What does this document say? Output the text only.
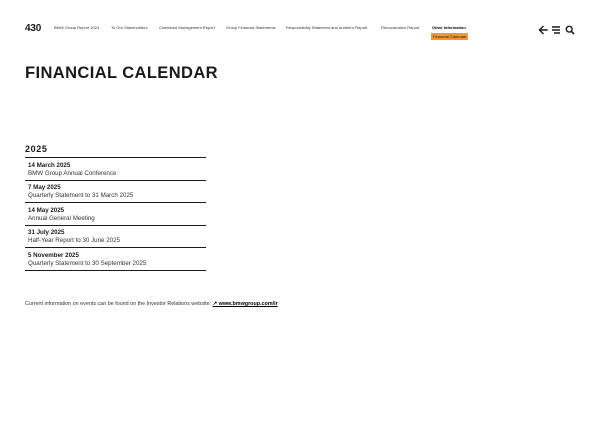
430	BMW Group Report 2024	To Our Stakeholders	Combined Management Report	Group Financial Statements	Responsibility Statement and Auditor's Report	Remuneration Report	Other Information
Financial Calendar
FINANCIAL CALENDAR
2025
14 March 2025
BMW Group Annual Conference
7 May 2025
Quarterly Statement to 31 March 2025
14 May 2025
Annual General Meeting
31 July 2025
Half-Year Report to 30 June 2025
5 November 2025
Quarterly Statement to 30 September 2025

Current information on events can be found on the Investor Relations website: ↗ www.bmwgroup.com/ir
